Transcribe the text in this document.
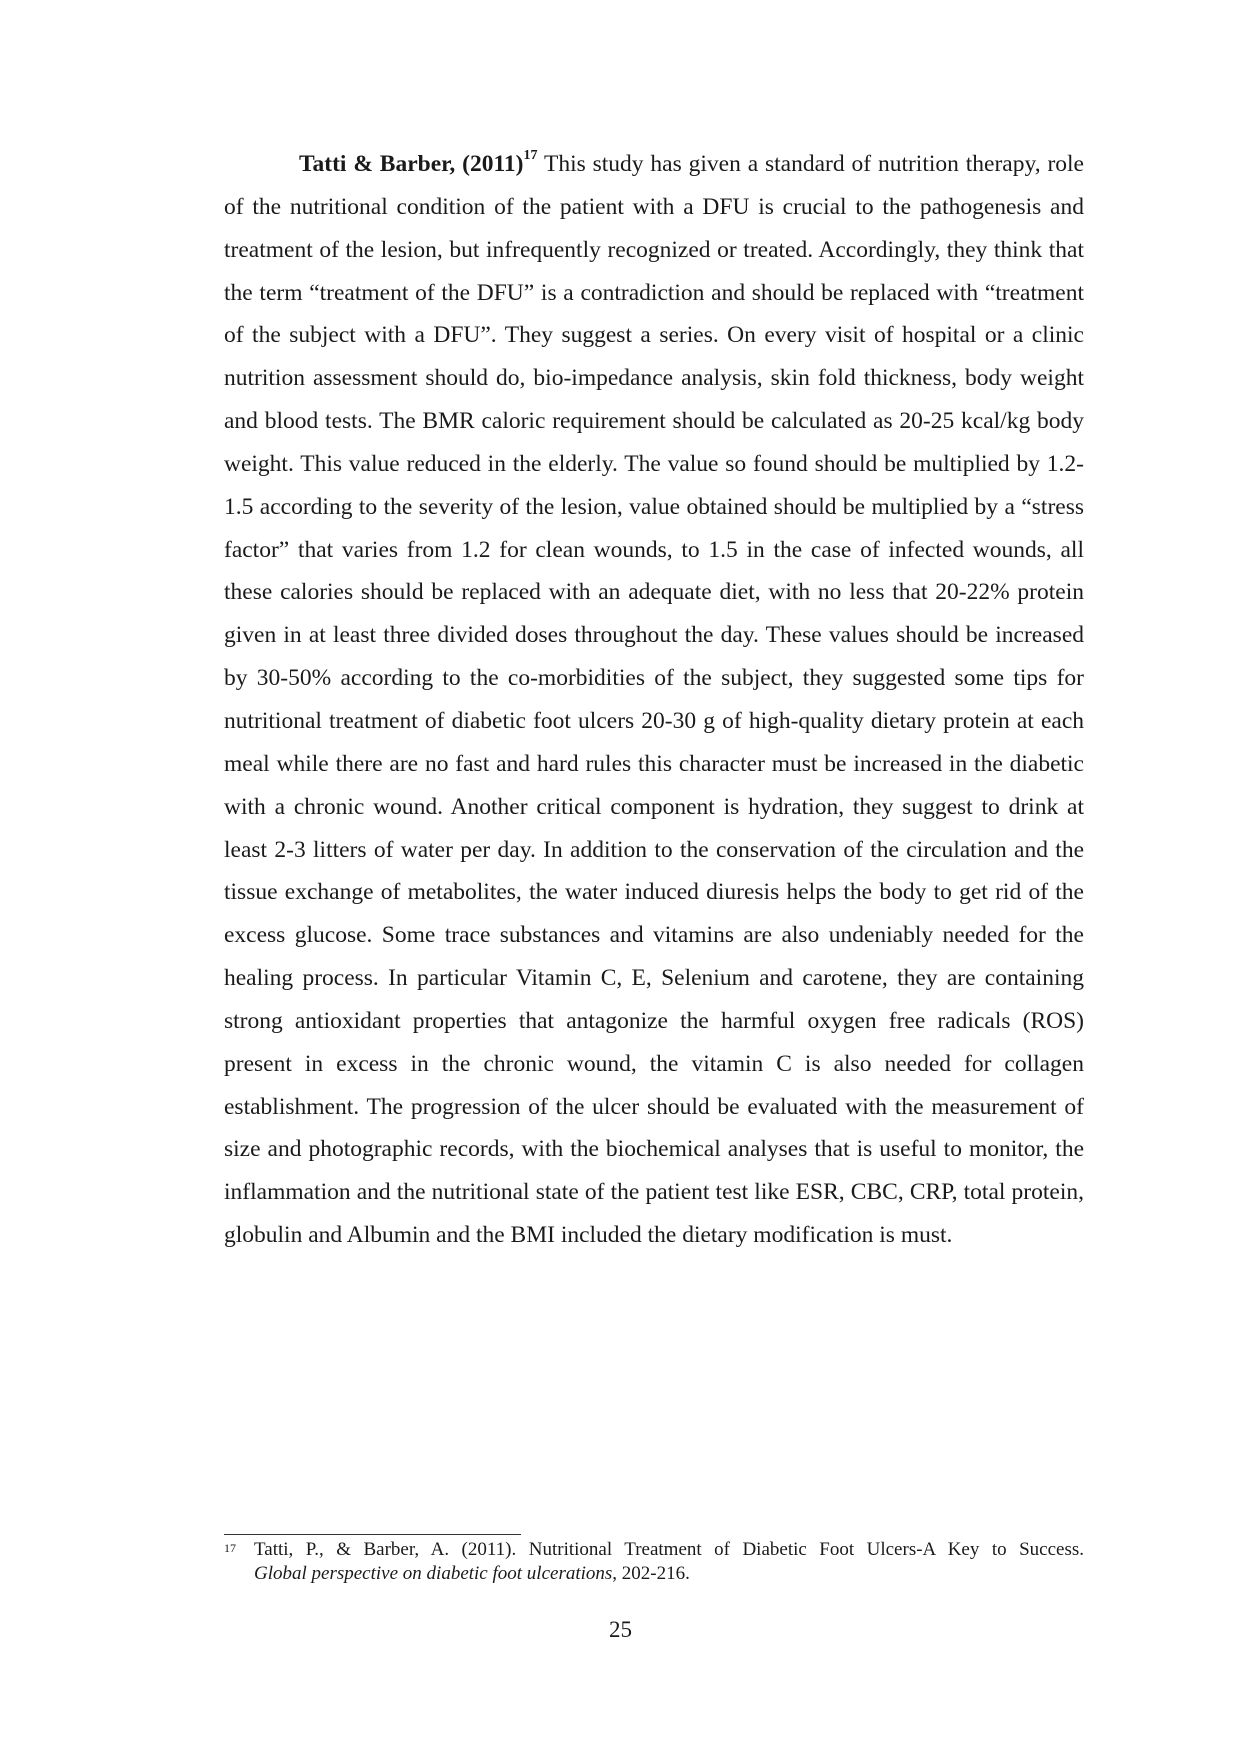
Tatti & Barber, $(2011)^{17}$ This study has given a standard of nutrition therapy, role of the nutritional condition of the patient with a DFU is crucial to the pathogenesis and treatment of the lesion, but infrequently recognized or treated. Accordingly, they think that the term “treatment of the DFU” is a contradiction and should be replaced with “treatment of the subject with a DFU”. They suggest a series. On every visit of hospital or a clinic nutrition assessment should do, bio-impedance analysis, skin fold thickness, body weight and blood tests. The BMR caloric requirement should be calculated as 20-25 kcal/kg body weight. This value reduced in the elderly. The value so found should be multiplied by 1.2-1.5 according to the severity of the lesion, value obtained should be multiplied by a “stress factor” that varies from 1.2 for clean wounds, to 1.5 in the case of infected wounds, all these calories should be replaced with an adequate diet, with no less that 20-22% protein given in at least three divided doses throughout the day. These values should be increased by 30-50% according to the co-morbidities of the subject, they suggested some tips for nutritional treatment of diabetic foot ulcers 20-30 g of high-quality dietary protein at each meal while there are no fast and hard rules this character must be increased in the diabetic with a chronic wound. Another critical component is hydration, they suggest to drink at least 2-3 litters of water per day. In addition to the conservation of the circulation and the tissue exchange of metabolites, the water induced diuresis helps the body to get rid of the excess glucose. Some trace substances and vitamins are also undeniably needed for the healing process. In particular Vitamin C, E, Selenium and carotene, they are containing strong antioxidant properties that antagonize the harmful oxygen free radicals (ROS) present in excess in the chronic wound, the vitamin C is also needed for collagen establishment. The progression of the ulcer should be evaluated with the measurement of size and photographic records, with the biochemical analyses that is useful to monitor, the inflammation and the nutritional state of the patient test like ESR, CBC, CRP, total protein, globulin and Albumin and the BMI included the dietary modification is must.

17 Tatti, P., & Barber, A. (2011). Nutritional Treatment of Diabetic Foot Ulcers-A Key to Success.
Global perspective on diabetic foot ulcerations, 202-216.
25
